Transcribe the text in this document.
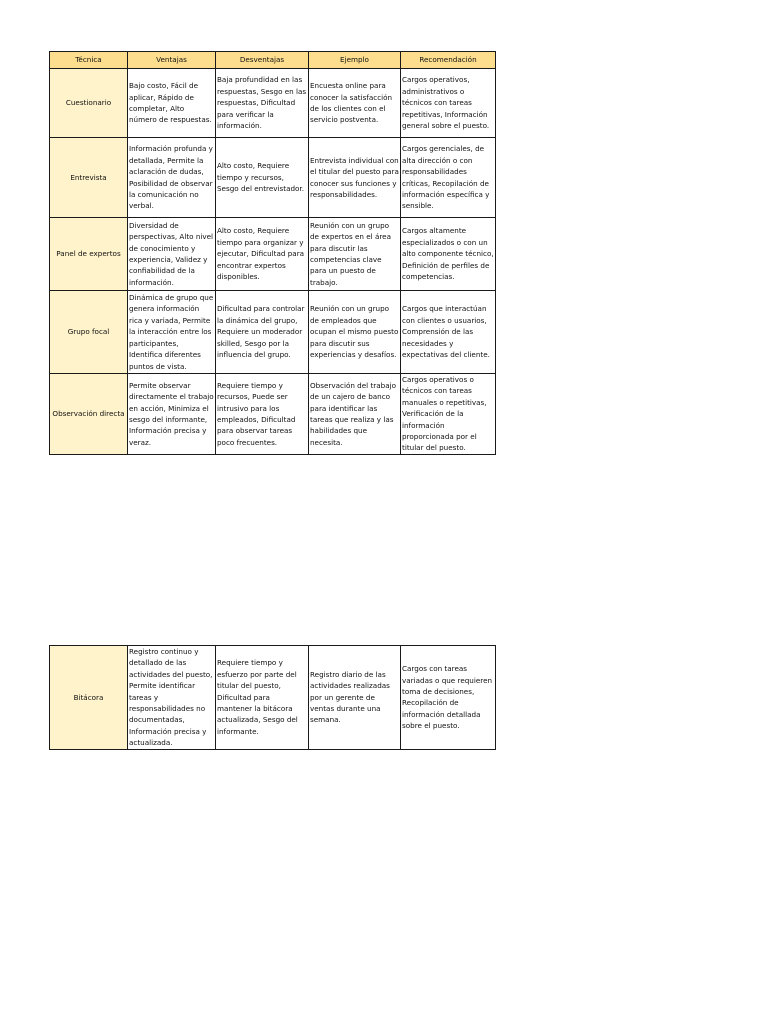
Técnica	Ventajas	Desventajas	Ejemplo	Recomendación
Cuestionario	Bajo costo, Fácil de aplicar, Rápido de completar, Alto número de respuestas.	Baja profundidad en las respuestas, Sesgo en las respuestas, Dificultad para verificar la información.	Encuesta online para conocer la satisfacción de los clientes con el servicio postventa.	Cargos operativos, administrativos o técnicos con tareas repetitivas, Información general sobre el puesto.
Entrevista	Información profunda y detallada, Permite la aclaración de dudas, Posibilidad de observar la comunicación no verbal.	Alto costo, Requiere tiempo y recursos, Sesgo del entrevistador.	Entrevista individual con el titular del puesto para conocer sus funciones y responsabilidades.	Cargos gerenciales, de alta dirección o con responsabilidades críticas, Recopilación de información específica y sensible.
Panel de expertos	Diversidad de perspectivas, Alto nivel de conocimiento y experiencia, Validez y confiabilidad de la información.	Alto costo, Requiere tiempo para organizar y ejecutar, Dificultad para encontrar expertos disponibles.	Reunión con un grupo de expertos en el área para discutir las competencias clave para un puesto de trabajo.	Cargos altamente especializados o con un alto componente técnico, Definición de perfiles de competencias.
Grupo focal	Dinámica de grupo que genera información rica y variada, Permite la interacción entre los participantes, Identifica diferentes puntos de vista.	Dificultad para controlar la dinámica del grupo, Requiere un moderador skilled, Sesgo por la influencia del grupo.	Reunión con un grupo de empleados que ocupan el mismo puesto para discutir sus experiencias y desafíos.	Cargos que interactúan con clientes o usuarios, Comprensión de las necesidades y expectativas del cliente.
Observación directa	Permite observar directamente el trabajo en acción, Minimiza el sesgo del informante, Información precisa y veraz.	Requiere tiempo y recursos, Puede ser intrusivo para los empleados, Dificultad para observar tareas poco frecuentes.	Observación del trabajo de un cajero de banco para identificar las tareas que realiza y las habilidades que necesita.	Cargos operativos o técnicos con tareas manuales o repetitivas, Verificación de la información proporcionada por el titular del puesto.
Bitácora	Registro continuo y detallado de las actividades del puesto, Permite identificar tareas y responsabilidades no documentadas, Información precisa y actualizada.	Requiere tiempo y esfuerzo por parte del titular del puesto, Dificultad para mantener la bitácora actualizada, Sesgo del informante.	Registro diario de las actividades realizadas por un gerente de ventas durante una semana.	Cargos con tareas variadas o que requieren toma de decisiones, Recopilación de información detallada sobre el puesto.
